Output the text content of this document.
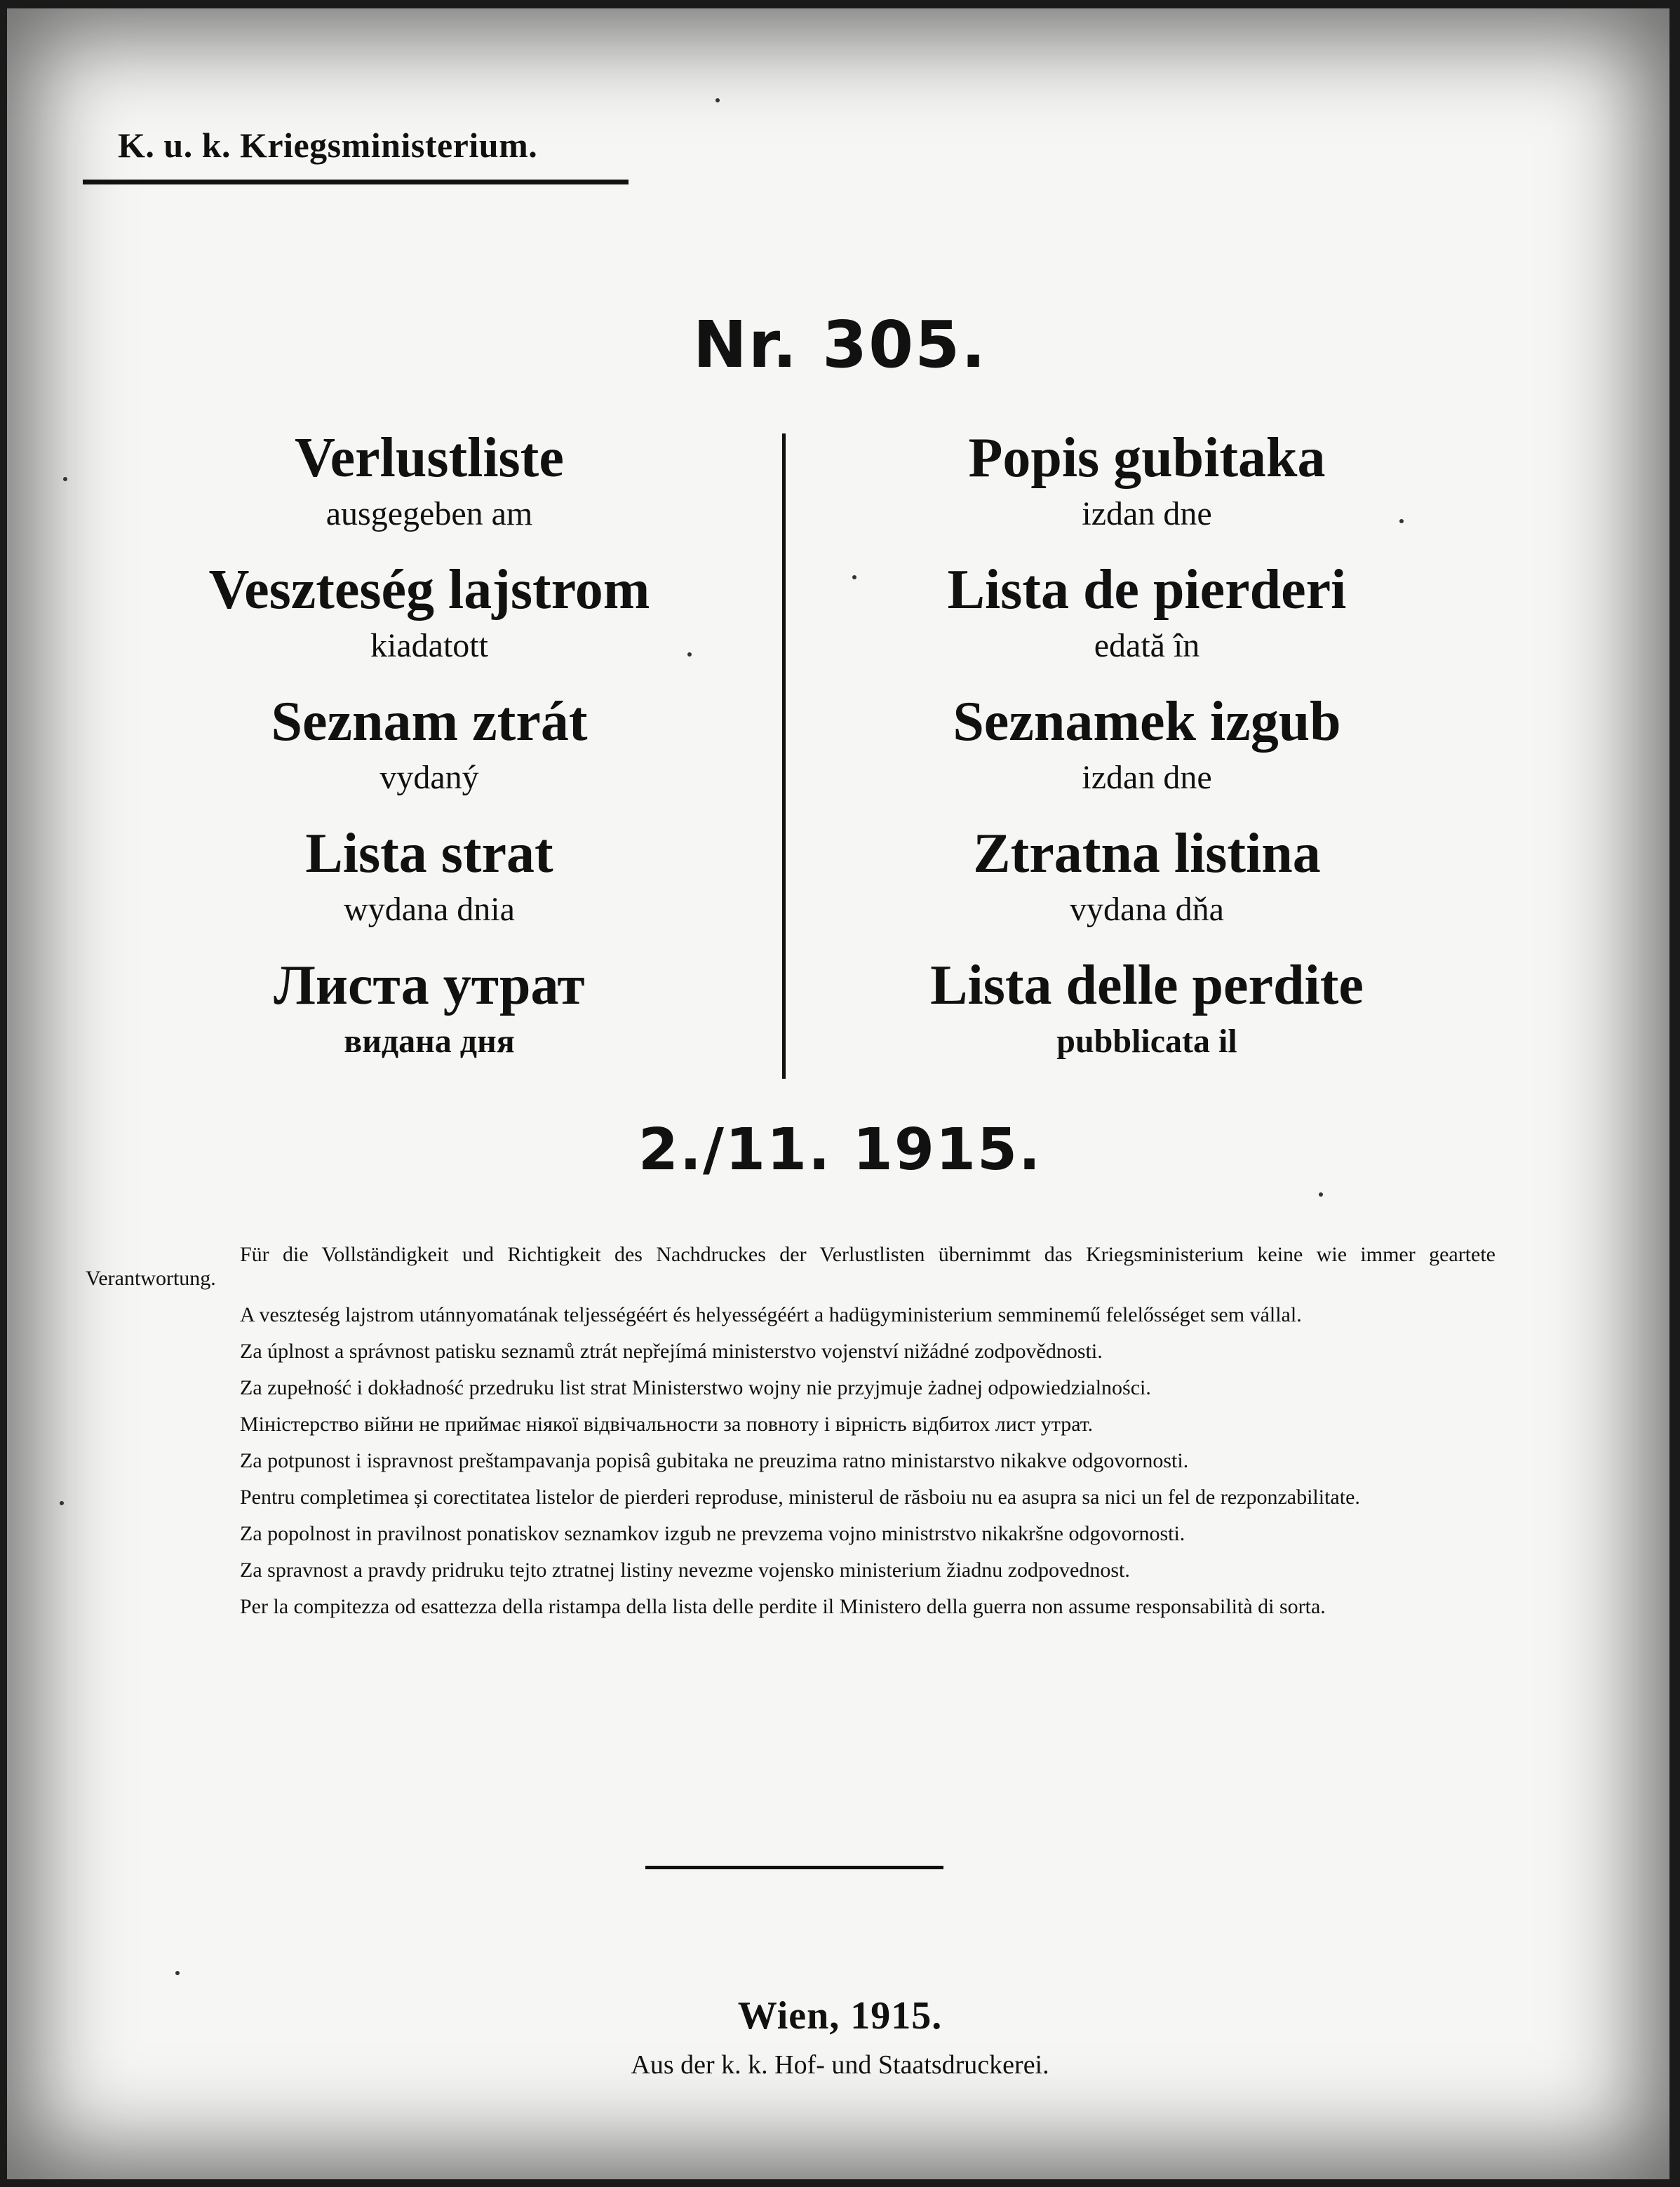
K. u. k. Kriegsministerium.
Nr. 305.
Verlustliste
ausgegeben am
Veszteség lajstrom
kiadatott
Seznam ztrát
vydaný
Lista strat
wydana dnia
Листа утрат
видана дня
Popis gubitaka
izdan dne
Lista de pierderi
edată în
Seznamek izgub
izdan dne
Ztratna listina
vydana dňa
Lista delle perdite
pubblicata il
2./11. 1915.

Für die Vollständigkeit und Richtigkeit des Nachdruckes der Verlustlisten übernimmt das Kriegsministerium keine wie immer geartete Verantwortung.

A veszteség lajstrom utánnyomatának teljességéért és helyességéért a hadügyministerium semminemű felelősséget sem vállal.

Za úplnost a správnost patisku seznamů ztrát nepřejímá ministerstvo vojenství nižádné zodpovědnosti.

Za zupełność i dokładność przedruku list strat Ministerstwo wojny nie przyjmuje żadnej odpowiedzialności.

Міністерство війни не приймає ніякої відвічальности за повноту і вірність відбитох лист утрат.

Za potpunost i ispravnost preštampavanja popisâ gubitaka ne preuzima ratno ministarstvo nikakve odgovornosti.

Pentru completimea și corectitatea listelor de pierderi reproduse, ministerul de răsboiu nu ea asupra sa nici un fel de rezponzabilitate.

Za popolnost in pravilnost ponatiskov seznamkov izgub ne prevzema vojno ministrstvo nikakršne odgovornosti.

Za spravnost a pravdy pridruku tejto ztratnej listiny nevezme vojensko ministerium žiadnu zodpovednost.

Per la compitezza od esattezza della ristampa della lista delle perdite il Ministero della guerra non assume responsabilità di sorta.

Wien, 1915.
Aus der k. k. Hof- und Staatsdruckerei.
